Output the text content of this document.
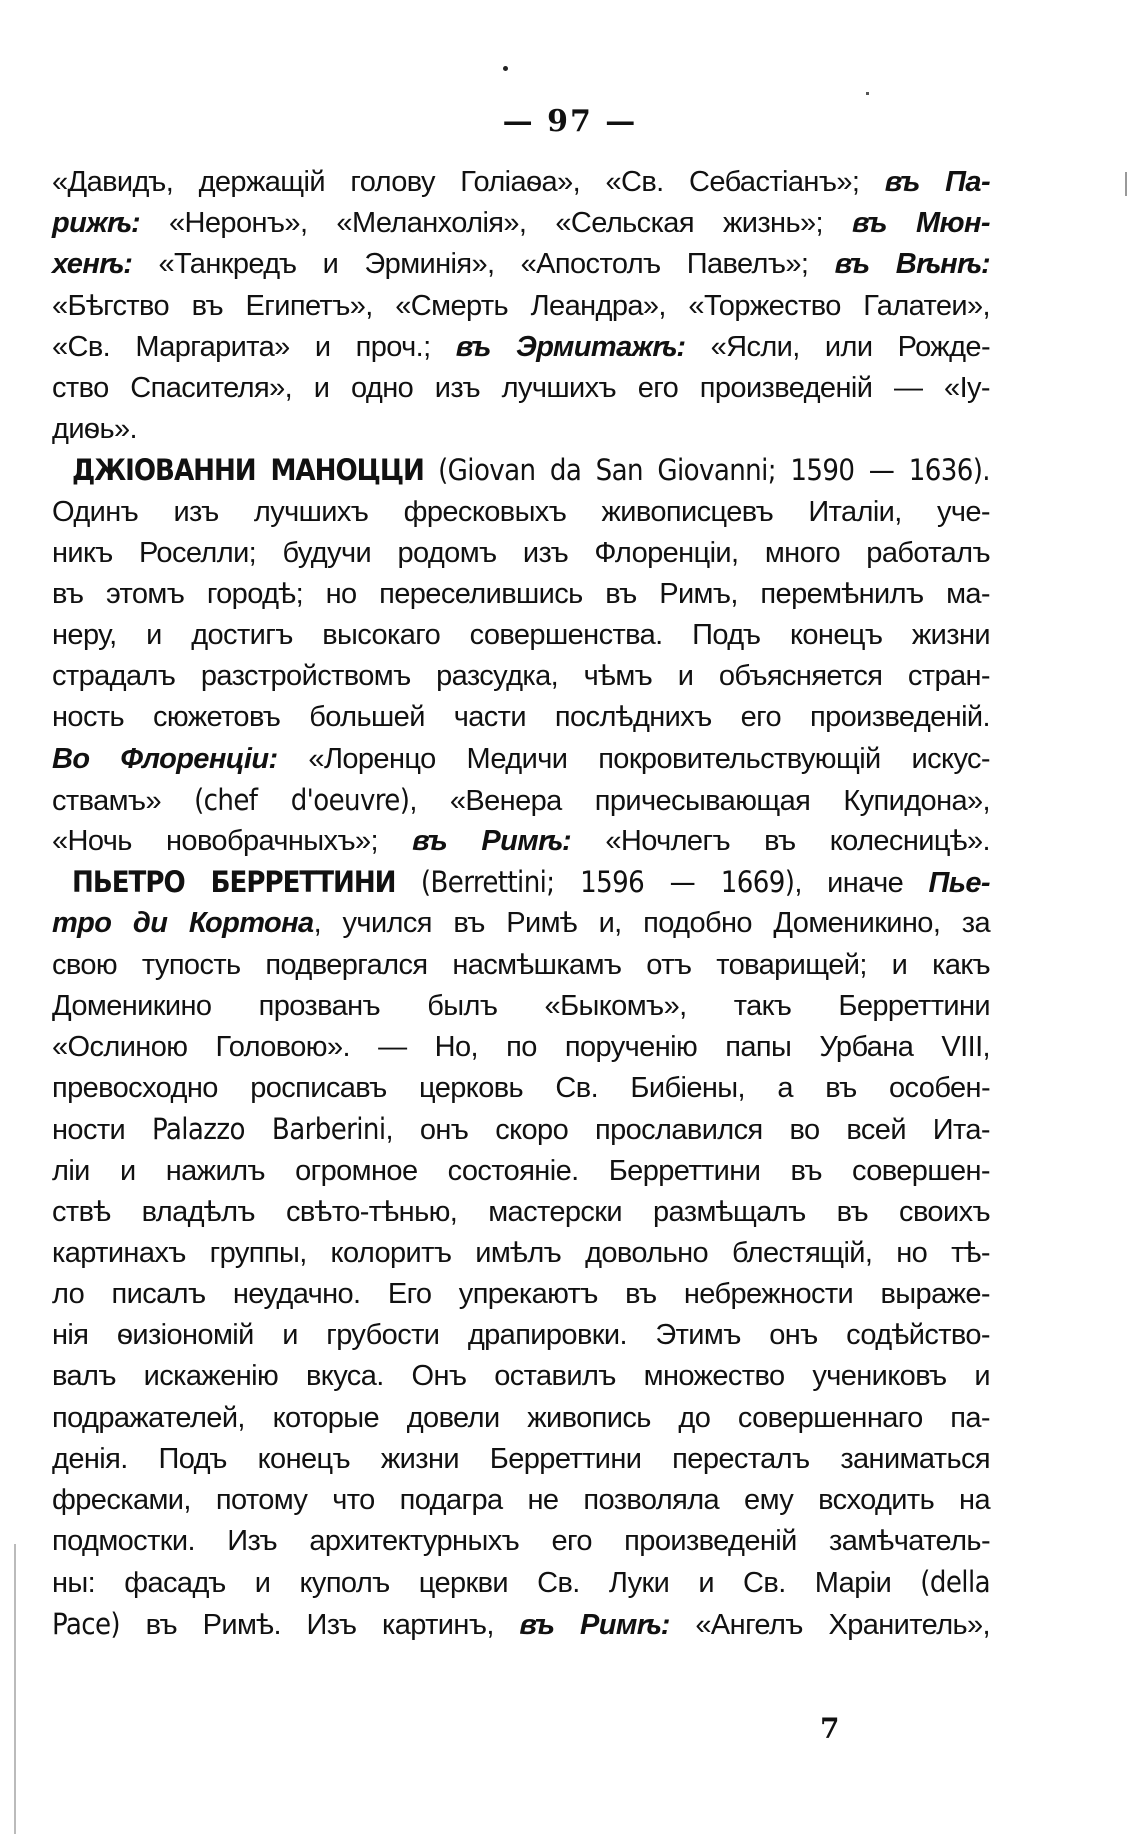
— 97 —
«Давидъ, держащій голову Голіаѳа», «Св. Себастіанъ»; въ Па-
рижѣ: «Неронъ», «Меланхолія», «Сельская жизнь»; въ Мюн-
хенѣ: «Танкредъ и Эрминія», «Апостолъ Павелъ»; въ Вѣнѣ:
«Бѣгство въ Египетъ», «Смерть Леандра», «Торжество Галатеи»,
«Св. Маргарита» и проч.; въ Эрмитажѣ: «Ясли, или Рожде-
ство Спасителя», и одно изъ лучшихъ его произведеній — «Іу-
диѳь».
ДЖІОВАННИ МАНОЦЦИ (Giovan da San Giovanni; 1590 — 1636).
Одинъ изъ лучшихъ фресковыхъ живописцевъ Италіи, уче-
никъ Роселли; будучи родомъ изъ Флоренціи, много работалъ
въ этомъ городѣ; но переселившись въ Римъ, перемѣнилъ ма-
неру, и достигъ высокаго совершенства. Подъ конецъ жизни
страдалъ разстройствомъ разсудка, чѣмъ и объясняется стран-
ность сюжетовъ большей части послѣднихъ его произведеній.
Во Флоренціи: «Лоренцо Медичи покровительствующій искус-
ствамъ» (chef d'oeuvre), «Венера причесывающая Купидона»,
«Ночь новобрачныхъ»; въ Римѣ: «Ночлегъ въ колесницѣ».
ПЬЕТРО БЕРРЕТТИНИ (Berrettini; 1596 — 1669), иначе Пье-
тро ди Кортона, учился въ Римѣ и, подобно Доменикино, за
свою тупость подвергался насмѣшкамъ отъ товарищей; и какъ
Доменикино прозванъ былъ «Быкомъ», такъ Берреттини
«Ослиною Головою». — Но, по порученію папы Урбана VIII,
превосходно росписавъ церковь Св. Бибіены, а въ особен-
ности Palazzo Barberini, онъ скоро прославился во всей Ита-
ліи и нажилъ огромное состояніе. Берреттини въ совершен-
ствѣ владѣлъ свѣто-тѣнью, мастерски размѣщалъ въ своихъ
картинахъ группы, колоритъ имѣлъ довольно блестящій, но тѣ-
ло писалъ неудачно. Его упрекаютъ въ небрежности выраже-
нія ѳизіономій и грубости драпировки. Этимъ онъ содѣйство-
валъ искаженію вкуса. Онъ оставилъ множество учениковъ и
подражателей, которые довели живопись до совершеннаго па-
денія. Подъ конецъ жизни Берреттини пересталъ заниматься
фресками, потому что подагра не позволяла ему всходить на
подмостки. Изъ архитектурныхъ его произведеній замѣчатель-
ны: фасадъ и куполъ церкви Св. Луки и Св. Маріи (della
Pace) въ Римѣ. Изъ картинъ, въ Римѣ: «Ангелъ Хранитель»,
7
